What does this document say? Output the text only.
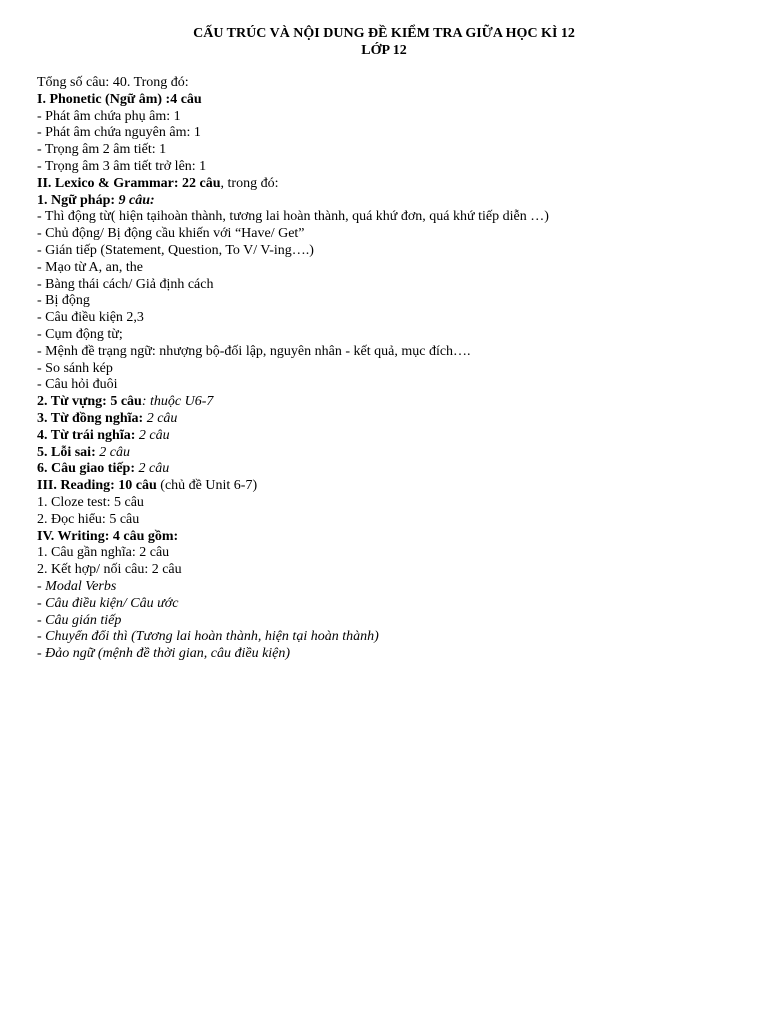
CẤU TRÚC VÀ NỘI DUNG ĐỀ KIỂM TRA GIỮA HỌC KÌ 12
LỚP 12
Tổng số câu: 40. Trong đó:
I. Phonetic (Ngữ âm) :4 câu
- Phát âm chứa phụ âm: 1
- Phát âm chứa nguyên âm: 1
- Trọng âm 2 âm tiết: 1
- Trọng âm 3 âm tiết trở lên: 1
II. Lexico & Grammar: 22 câu, trong đó:
1. Ngữ pháp: 9 câu:
- Thì động từ( hiện tạihoàn thành, tương lai hoàn thành, quá khứ đơn, quá khứ tiếp diễn …)
- Chủ động/ Bị động cầu khiến với “Have/ Get”
- Gián tiếp (Statement, Question, To V/ V-ing….)
- Mạo từ A, an, the
- Bàng thái cách/ Giả định cách
- Bị động
- Câu điều kiện 2,3
- Cụm động từ;
- Mệnh đề trạng ngữ: nhượng bộ-đối lập, nguyên nhân - kết quả, mục đích….
- So sánh kép
- Câu hỏi đuôi
2. Từ vựng: 5 câu: thuộc U6-7
3. Từ đồng nghĩa: 2 câu
4. Từ trái nghĩa: 2 câu
5. Lỗi sai: 2 câu
6. Câu giao tiếp: 2 câu
III. Reading: 10 câu (chủ đề Unit 6-7)
1. Cloze test: 5 câu
2. Đọc hiểu: 5 câu
IV. Writing: 4 câu gồm:
1. Câu gần nghĩa: 2 câu
2. Kết hợp/ nối câu: 2 câu
- Modal Verbs
- Câu điều kiện/ Câu ước
- Câu gián tiếp
- Chuyển đổi thì (Tương lai hoàn thành, hiện tại hoàn thành)
- Đảo ngữ (mệnh đề thời gian, câu điều kiện)
